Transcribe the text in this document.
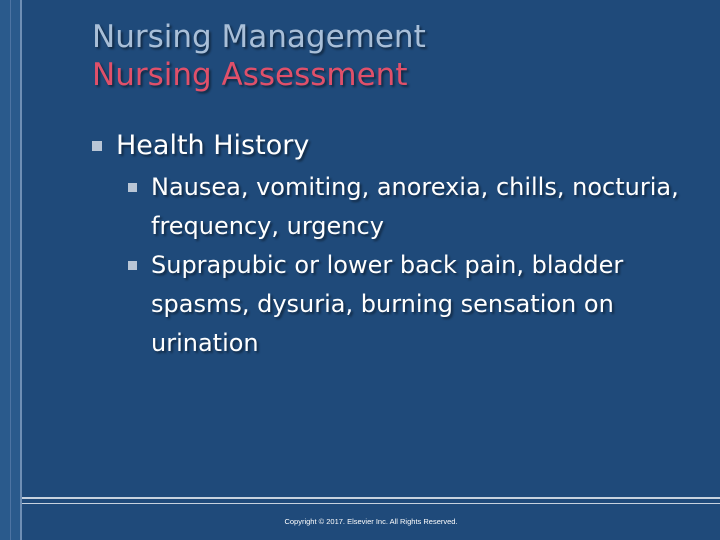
Nursing Management
Nursing Assessment
Health History
Nausea, vomiting, anorexia, chills, nocturia, frequency, urgency
Suprapubic or lower back pain, bladder spasms, dysuria, burning sensation on urination
Copyright © 2017. Elsevier Inc. All Rights Reserved.
